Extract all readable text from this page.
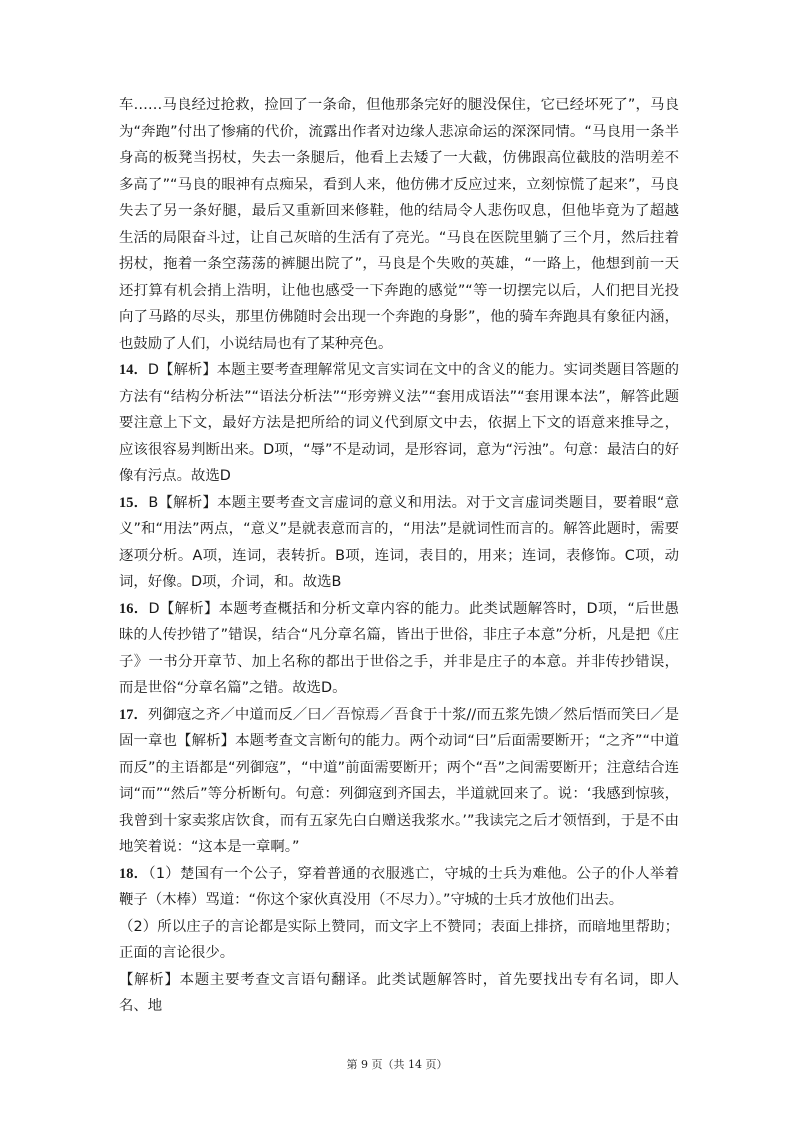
车……马良经过抢救，捡回了一条命，但他那条完好的腿没保住，它已经坏死了”，马良为“奔跑”付出了惨痛的代价，流露出作者对边缘人悲凉命运的深深同情。“马良用一条半身高的板凳当拐杖，失去一条腿后，他看上去矮了一大截，仿佛跟高位截肢的浩明差不多高了”“马良的眼神有点痴呆，看到人来，他仿佛才反应过来，立刻惊慌了起来”，马良失去了另一条好腿，最后又重新回来修鞋，他的结局令人悲伤叹息，但他毕竟为了超越生活的局限奋斗过，让自己灰暗的生活有了亮光。“马良在医院里躺了三个月，然后拄着拐杖，拖着一条空荡荡的裤腿出院了”，马良是个失败的英雄，“一路上，他想到前一天还打算有机会捎上浩明，让他也感受一下奔跑的感觉”“等一切摆完以后，人们把目光投向了马路的尽头，那里仿佛随时会出现一个奔跑的身影”，他的骑车奔跑具有象征内涵，也鼓励了人们，小说结局也有了某种亮色。

14．D【解析】本题主要考查理解常见文言实词在文中的含义的能力。实词类题目答题的方法有“结构分析法”“语法分析法”“形旁辨义法”“套用成语法”“套用课本法”，解答此题要注意上下文，最好方法是把所给的词义代到原文中去，依据上下文的语意来推导之，应该很容易判断出来。D项，“辱”不是动词，是形容词，意为“污浊”。句意：最洁白的好像有污点。故选D

15．B【解析】本题主要考查文言虚词的意义和用法。对于文言虚词类题目，要着眼“意义”和“用法”两点，“意义”是就表意而言的，“用法”是就词性而言的。解答此题时，需要逐项分析。A项，连词，表转折。B项，连词，表目的，用来；连词，表修饰。C项，动词，好像。D项，介词，和。故选B

16．D【解析】本题考查概括和分析文章内容的能力。此类试题解答时，D项，“后世愚昧的人传抄错了”错误，结合“凡分章名篇，皆出于世俗，非庄子本意”分析，凡是把《庄子》一书分开章节、加上名称的都出于世俗之手，并非是庄子的本意。并非传抄错误，而是世俗“分章名篇”之错。故选D。

17．列御寇之齐／中道而反／曰／吾惊焉／吾食于十浆//而五浆先馈／然后悟而笑曰／是固一章也【解析】本题考查文言断句的能力。两个动词“曰”后面需要断开；“之齐”“中道而反”的主语都是“列御寇”，“中道”前面需要断开；两个“吾”之间需要断开；注意结合连词“而”“然后”等分析断句。句意：列御寇到齐国去，半道就回来了。说：‘我感到惊骇，我曾到十家卖浆店饮食，而有五家先白白赠送我浆水。’”我读完之后才领悟到，于是不由地笑着说：“这本是一章啊。”

18．（1）楚国有一个公子，穿着普通的衣服逃亡，守城的士兵为难他。公子的仆人举着鞭子（木棒）骂道：“你这个家伙真没用（不尽力）。”守城的士兵才放他们出去。

（2）所以庄子的言论都是实际上赞同，而文字上不赞同；表面上排挤，而暗地里帮助；正面的言论很少。

【解析】本题主要考查文言语句翻译。此类试题解答时，首先要找出专有名词，即人名、地

第 9 页（共 14 页）
